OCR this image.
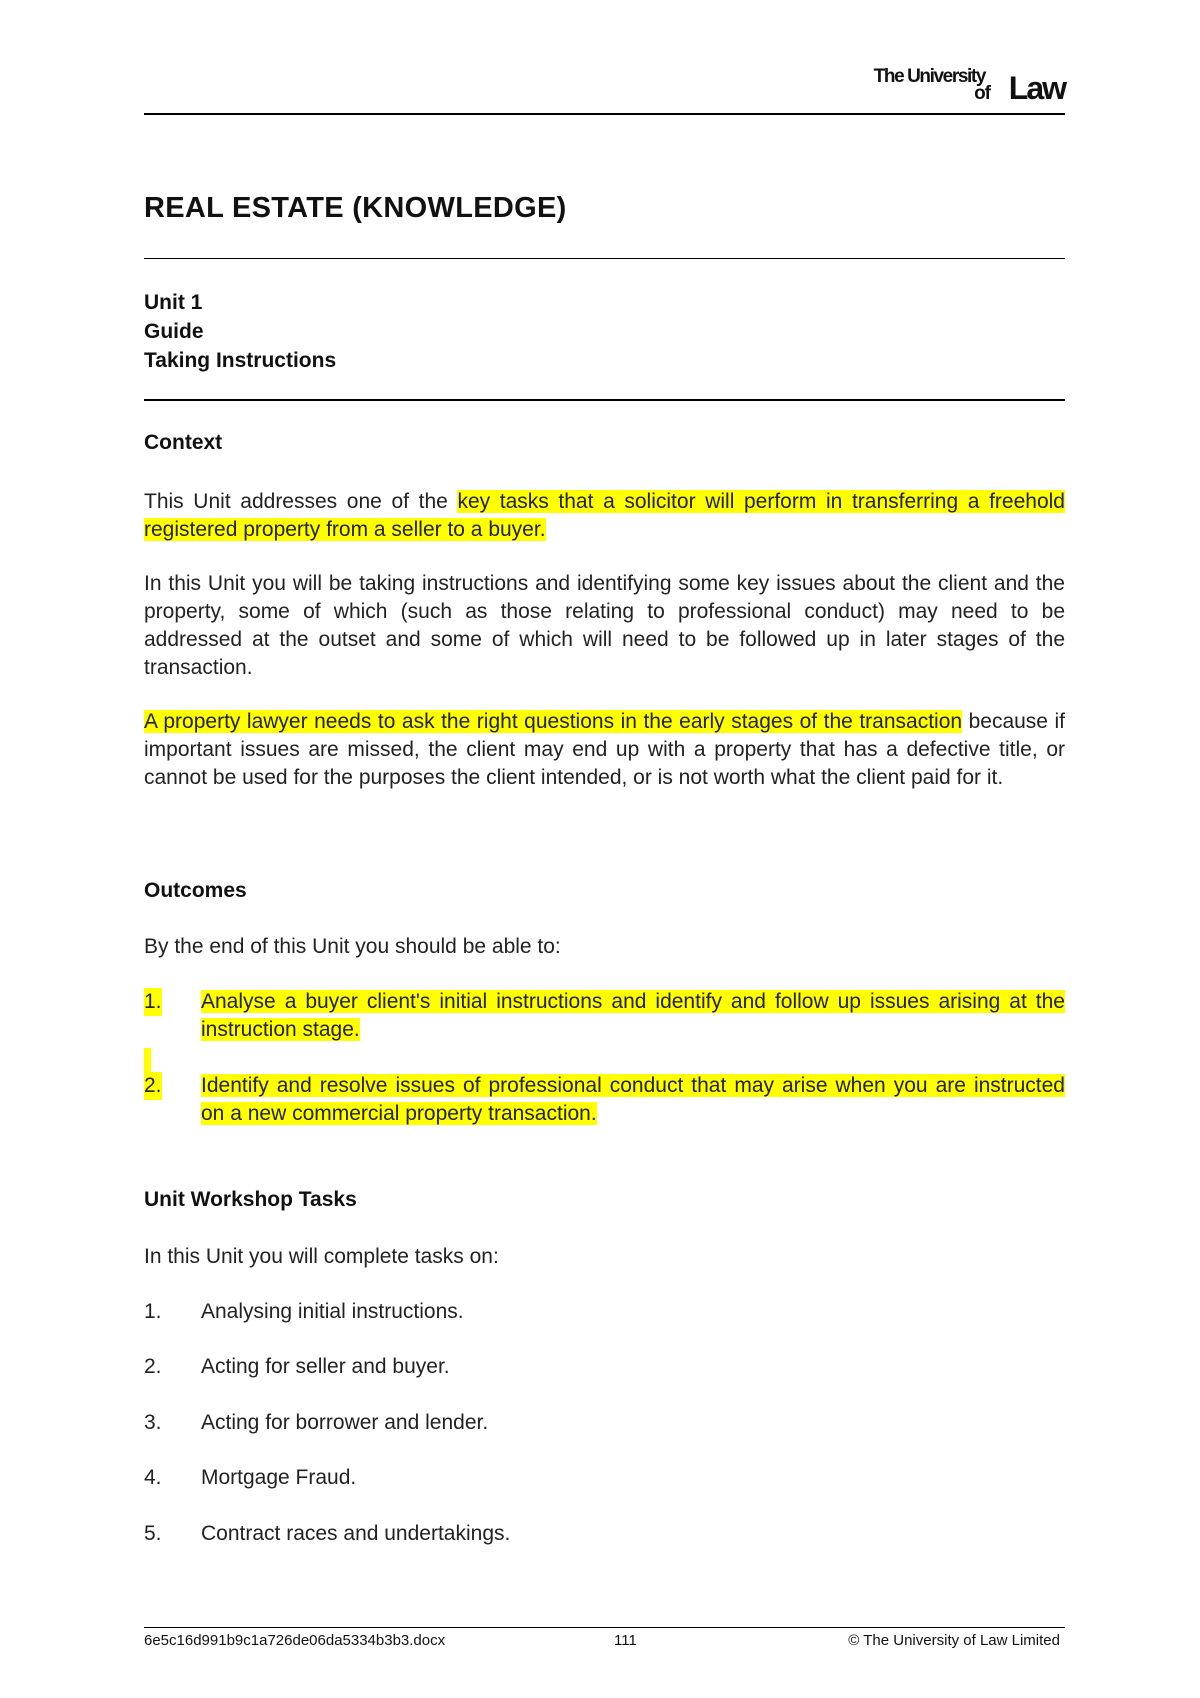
The University
of Law
REAL ESTATE (KNOWLEDGE)
Unit 1
Guide
Taking Instructions
Context
This Unit addresses one of the key tasks that a solicitor will perform in transferring a freehold registered property from a seller to a buyer.
In this Unit you will be taking instructions and identifying some key issues about the client and the property, some of which (such as those relating to professional conduct) may need to be addressed at the outset and some of which will need to be followed up in later stages of the transaction.
A property lawyer needs to ask the right questions in the early stages of the transaction because if important issues are missed, the client may end up with a property that has a defective title, or cannot be used for the purposes the client intended, or is not worth what the client paid for it.
Outcomes
By the end of this Unit you should be able to:
1. Analyse a buyer client's initial instructions and identify and follow up issues arising at the instruction stage.
2. Identify and resolve issues of professional conduct that may arise when you are instructed on a new commercial property transaction.
Unit Workshop Tasks
In this Unit you will complete tasks on:
1. Analysing initial instructions.
2. Acting for seller and buyer.
3. Acting for borrower and lender.
4. Mortgage Fraud.
5. Contract races and undertakings.
6e5c16d991b9c1a726de06da5334b3b3.docx	111	© The University of Law Limited
